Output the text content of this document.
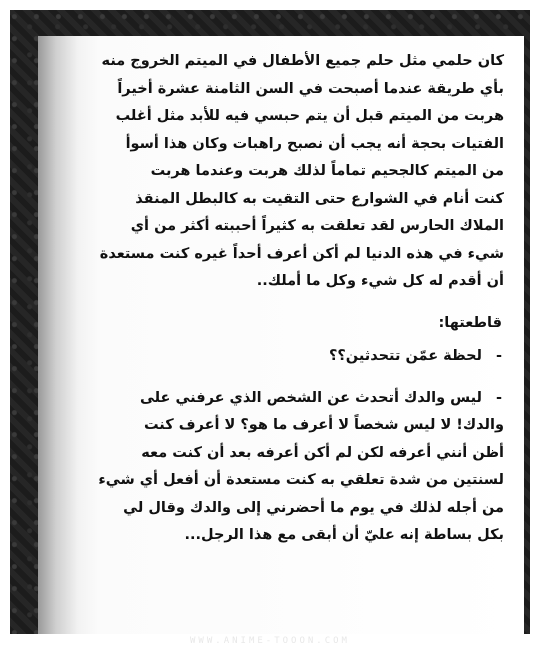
كان حلمي مثل حلم جميع الأطفال في الميتم الخروج منه
بأي طريقة عندما أصبحت في السن الثامنة عشرة أخيراً
هربت من الميتم قبل أن يتم حبسي فيه للأبد مثل أغلب
الفتيات بحجة أنه يجب أن نصبح راهبات وكان هذا أسوأ
من الميتم كالجحيم تماماً لذلك هربت وعندما هربت
كنت أنام في الشوارع حتى التقيت به كالبطل المنقذ
الملاك الحارس لقد تعلقت به كثيراً أحببته أكثر من أي
شيء في هذه الدنيا لم أكن أعرف أحداً غيره كنت مستعدة
أن أقدم له كل شيء وكل ما أملك..
قاطعتها:
-
لحظة عمّن تتحدثين؟؟
-
ليس والدك أتحدث عن الشخص الذي عرفني على
والدك! لا ليس شخصاً لا أعرف ما هو؟ لا أعرف كنت
أظن أنني أعرفه لكن لم أكن أعرفه بعد أن كنت معه
لسنتين من شدة تعلقي به كنت مستعدة أن أفعل أي شيء
من أجله لذلك في يوم ما أحضرني إلى والدك وقال لي
بكل بساطة إنه عليّ أن أبقى مع هذا الرجل...
WWW.ANIME-TOOON.COM
